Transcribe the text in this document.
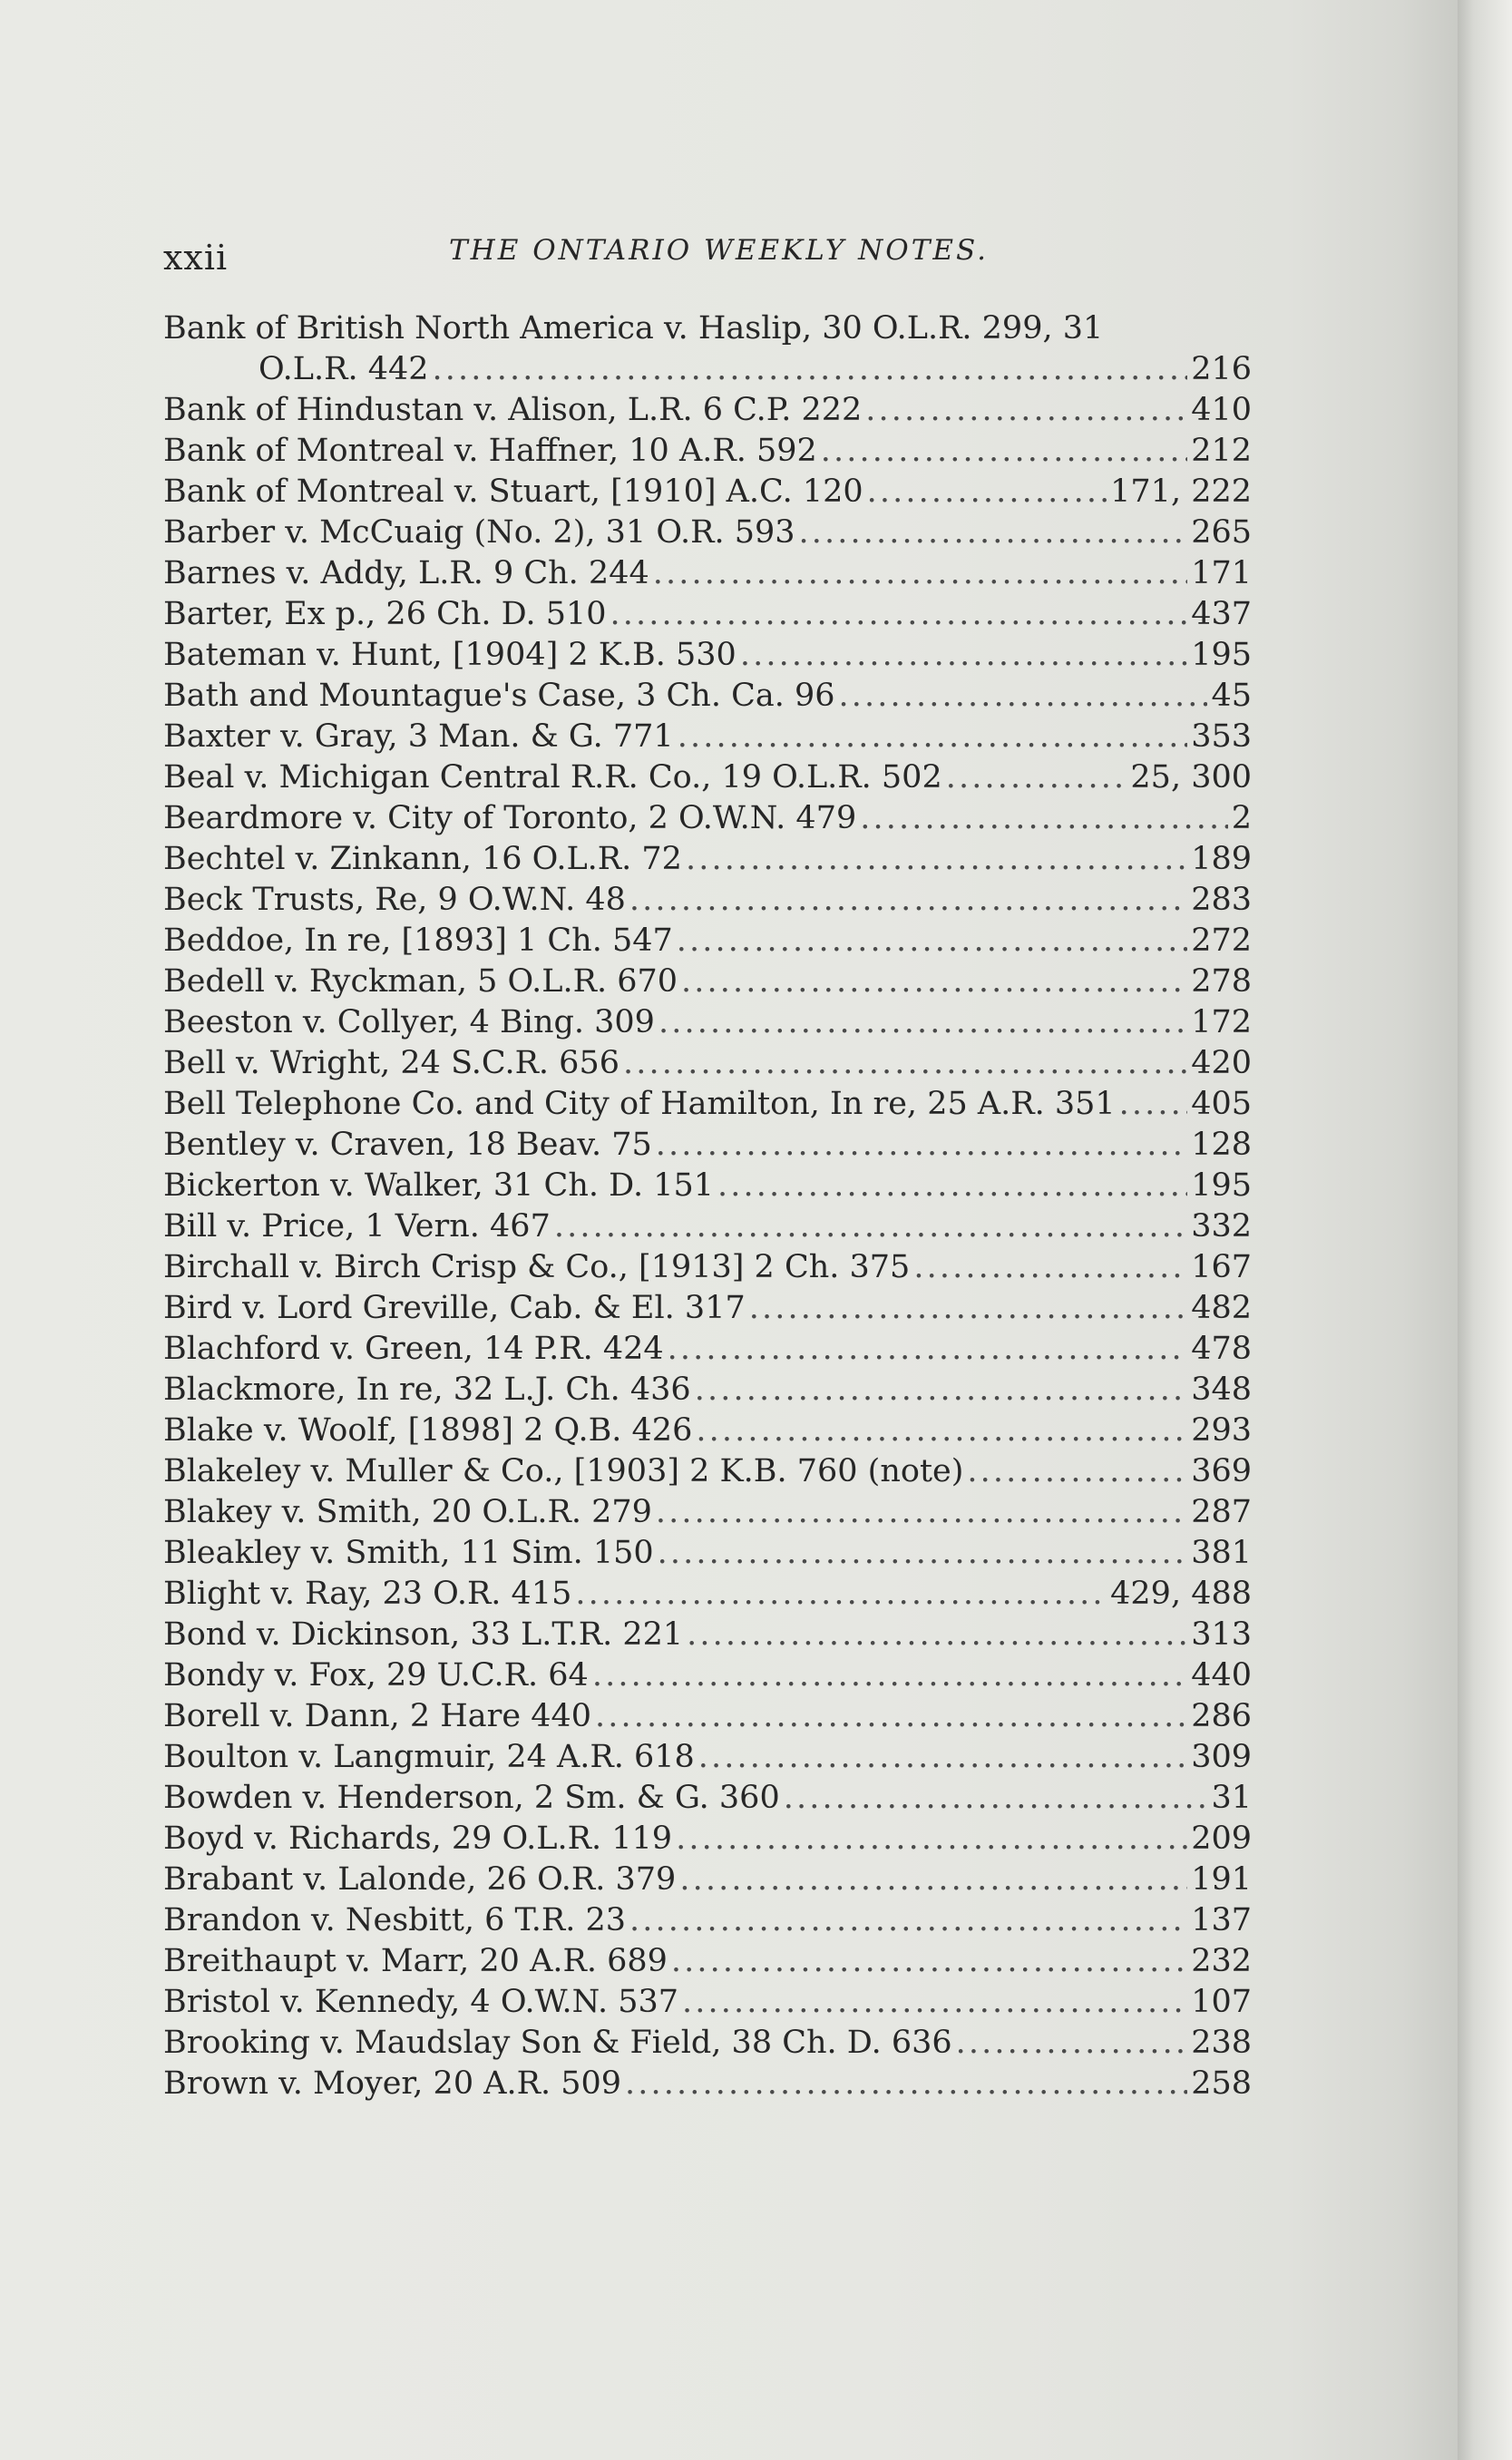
xxii	THE ONTARIO WEEKLY NOTES.
Bank of British North America v. Haslip, 30 O.L.R. 299, 31
O.L.R. 442 . . .	216
Bank of Hindustan v. Alison, L.R. 6 C.P. 222 . . .	410
Bank of Montreal v. Haffner, 10 A.R. 592 . . .	212
Bank of Montreal v. Stuart, [1910] A.C. 120 . . .	171, 222
Barber v. McCuaig (No. 2), 31 O.R. 593 . . .	265
Barnes v. Addy, L.R. 9 Ch. 244 . . .	171
Barter, Ex p., 26 Ch. D. 510 . . .	437
Bateman v. Hunt, [1904] 2 K.B. 530 . . .	195
Bath and Mountague's Case, 3 Ch. Ca. 96 . . .	45
Baxter v. Gray, 3 Man. & G. 771 . . .	353
Beal v. Michigan Central R.R. Co., 19 O.L.R. 502 . . .	25, 300
Beardmore v. City of Toronto, 2 O.W.N. 479 . . .	2
Bechtel v. Zinkann, 16 O.L.R. 72 . . .	189
Beck Trusts, Re, 9 O.W.N. 48 . . .	283
Beddoe, In re, [1893] 1 Ch. 547 . . .	272
Bedell v. Ryckman, 5 O.L.R. 670 . . .	278
Beeston v. Collyer, 4 Bing. 309 . . .	172
Bell v. Wright, 24 S.C.R. 656 . . .	420
Bell Telephone Co. and City of Hamilton, In re, 25 A.R. 351 . . . 405
Bentley v. Craven, 18 Beav. 75 . . .	128
Bickerton v. Walker, 31 Ch. D. 151 . . .	195
Bill v. Price, 1 Vern. 467 . . .	332
Birchall v. Birch Crisp & Co., [1913] 2 Ch. 375 . . .	167
Bird v. Lord Greville, Cab. & El. 317 . . .	482
Blachford v. Green, 14 P.R. 424 . . .	478
Blackmore, In re, 32 L.J. Ch. 436 . . .	348
Blake v. Woolf, [1898] 2 Q.B. 426 . . .	293
Blakeley v. Muller & Co., [1903] 2 K.B. 760 (note) . . .	369
Blakey v. Smith, 20 O.L.R. 279 . . .	287
Bleakley v. Smith, 11 Sim. 150 . . .	381
Blight v. Ray, 23 O.R. 415 . . .	429, 488
Bond v. Dickinson, 33 L.T.R. 221 . . .	313
Bondy v. Fox, 29 U.C.R. 64 . . .	440
Borell v. Dann, 2 Hare 440 . . .	286
Boulton v. Langmuir, 24 A.R. 618 . . .	309
Bowden v. Henderson, 2 Sm. & G. 360 . . .	31
Boyd v. Richards, 29 O.L.R. 119 . . .	209
Brabant v. Lalonde, 26 O.R. 379 . . .	191
Brandon v. Nesbitt, 6 T.R. 23 . . .	137
Breithaupt v. Marr, 20 A.R. 689 . . .	232
Bristol v. Kennedy, 4 O.W.N. 537 . . .	107
Brooking v. Maudslay Son & Field, 38 Ch. D. 636 . . .	238
Brown v. Moyer, 20 A.R. 509 . . .	258
